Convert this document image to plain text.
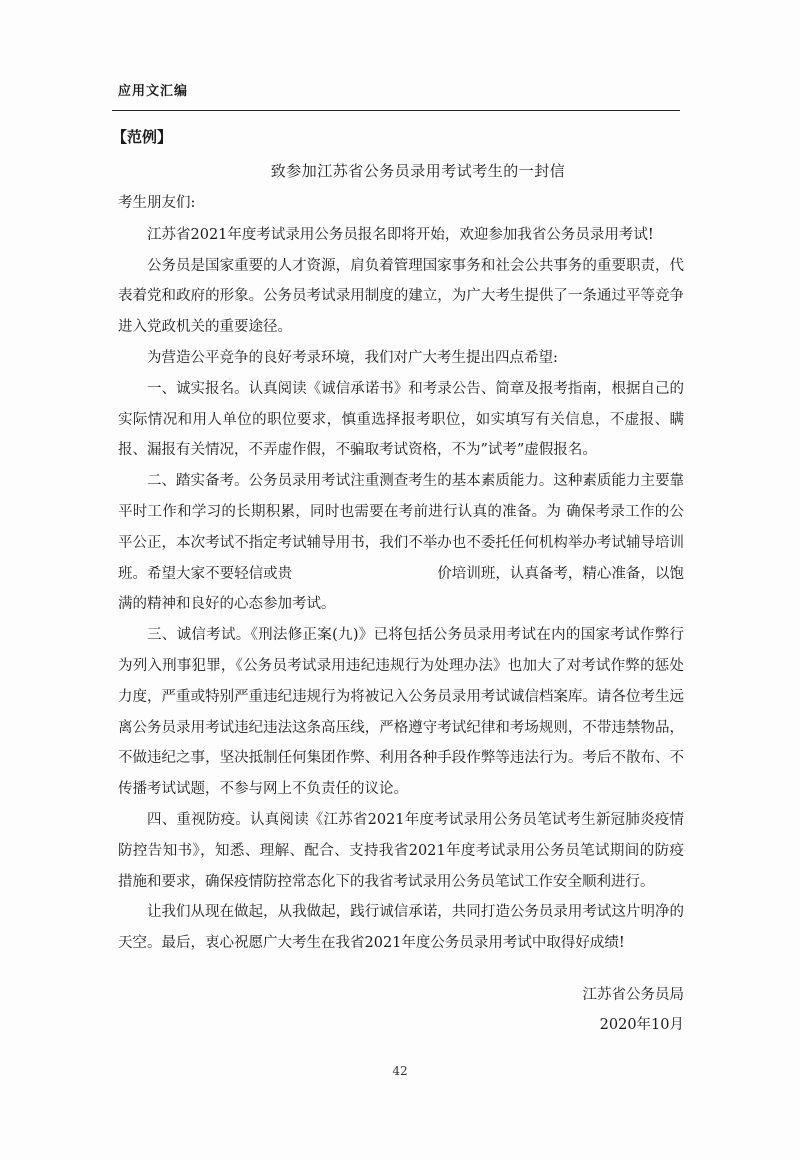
应用文汇编
【范例】
致参加江苏省公务员录用考试考生的一封信

考生朋友们:

江苏省2021年度考试录用公务员报名即将开始，欢迎参加我省公务员录用考试!

公务员是国家重要的人才资源，肩负着管理国家事务和社会公共事务的重要职责，代表着党和政府的形象。公务员考试录用制度的建立，为广大考生提供了一条通过平等竞争进入党政机关的重要途径。

为营造公平竞争的良好考录环境，我们对广大考生提出四点希望:

一、诚实报名。认真阅读《诚信承诺书》和考录公告、简章及报考指南，根据自己的实际情况和用人单位的职位要求，慎重选择报考职位，如实填写有关信息，不虚报、瞒报、漏报有关情况，不弄虚作假，不骗取考试资格，不为”试考”虚假报名。

二、踏实备考。公务员录用考试注重测查考生的基本素质能力。这种素质能力主要靠平时工作和学习的长期积累，同时也需要在考前进行认真的准备。为 确保考录工作的公平公正，本次考试不指定考试辅导用书，我们不举办也不委托任何机构举办考试辅导培训班。希望大家不要轻信或贵　　　　　　　　　　价培训班，认真备考，精心准备，以饱满的精神和良好的心态参加考试。

三、诚信考试。《刑法修正案(九)》已将包括公务员录用考试在内的国家考试作弊行为列入刑事犯罪，《公务员考试录用违纪违规行为处理办法》也加大了对考试作弊的惩处力度，严重或特别严重违纪违规行为将被记入公务员录用考试诚信档案库。请各位考生远离公务员录用考试违纪违法这条高压线，严格遵守考试纪律和考场规则，不带违禁物品，不做违纪之事，坚决抵制任何集团作弊、利用各种手段作弊等违法行为。考后不散布、不传播考试试题，不参与网上不负责任的议论。

四、重视防疫。认真阅读《江苏省2021年度考试录用公务员笔试考生新冠肺炎疫情防控告知书》，知悉、理解、配合、支持我省2021年度考试录用公务员笔试期间的防疫措施和要求，确保疫情防控常态化下的我省考试录用公务员笔试工作安全顺利进行。

让我们从现在做起，从我做起，践行诚信承诺，共同打造公务员录用考试这片明净的天空。最后，衷心祝愿广大考生在我省2021年度公务员录用考试中取得好成绩!

江苏省公务员局
2020年10月
42
